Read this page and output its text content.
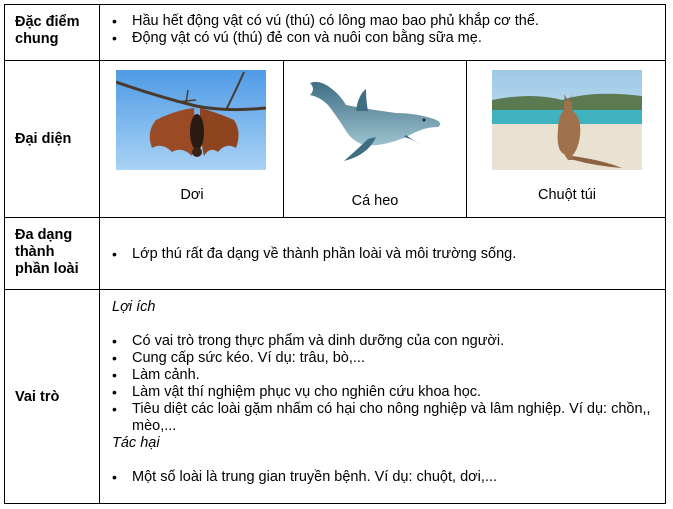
Đặc điểm chung
• Hầu hết động vật có vú (thú) có lông mao bao phủ khắp cơ thể.
• Động vật có vú (thú) đẻ con và nuôi con bằng sữa mẹ.
Đại diện
Dơi	Cá heo	Chuột túi
Đa dạng thành phần loài
• Lớp thú rất đa dạng về thành phần loài và môi trường sống.
Vai trò
Lợi ích
• Có vai trò trong thực phẩm và dinh dưỡng của con người.
• Cung cấp sức kéo. Ví dụ: trâu, bò,...
• Làm cảnh.
• Làm vật thí nghiệm phục vụ cho nghiên cứu khoa học.
• Tiêu diệt các loài gặm nhấm có hại cho nông nghiệp và lâm nghiệp. Ví dụ: chồn,, mèo,...
Tác hại
• Một số loài là trung gian truyền bệnh. Ví dụ: chuột, dơi,...
